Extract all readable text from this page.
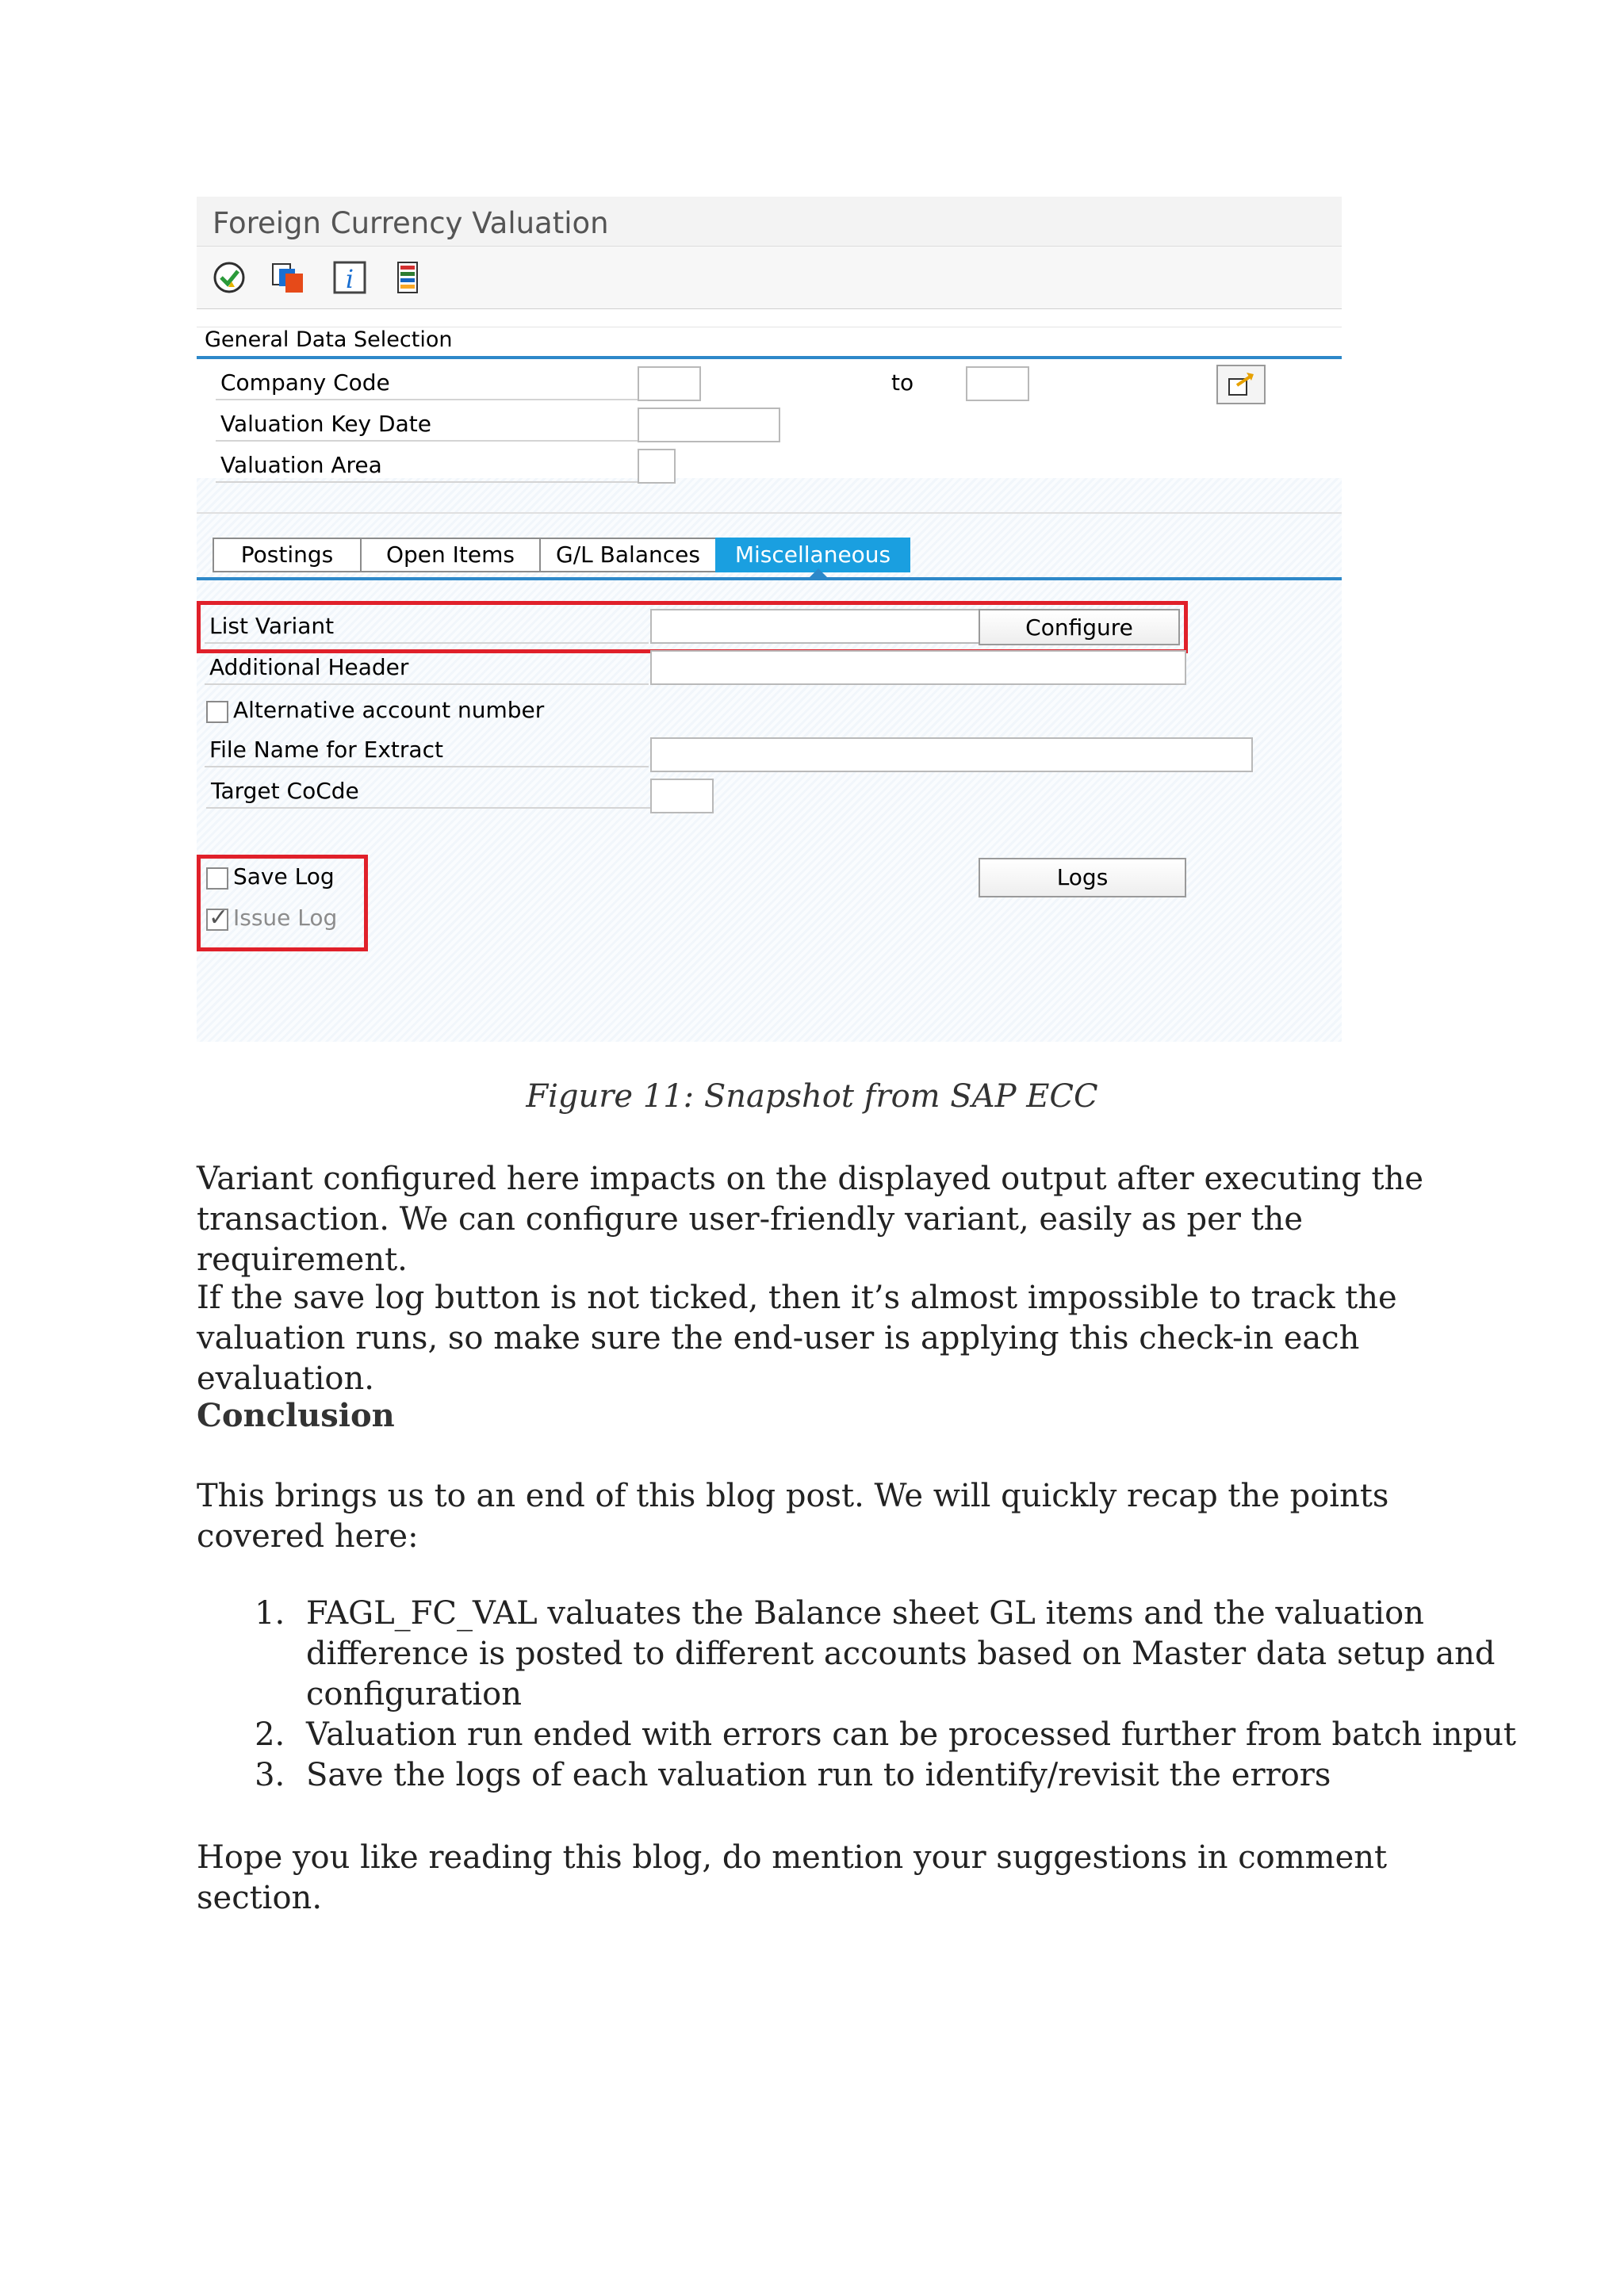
Foreign Currency Valuation
i
General Data Selection
Company Code	to
Valuation Key Date
Valuation Area
Postings	Open Items	G/L Balances	Miscellaneous
List Variant	Configure
Additional Header
Alternative account number
File Name for Extract
Target CoCde
Save Log
✓
Issue Log
Logs
Figure 11: Snapshot from SAP ECC

Variant configured here impacts on the displayed output after executing the transaction. We can configure user-friendly variant, easily as per the requirement.

If the save log button is not ticked, then it’s almost impossible to track the valuation runs, so make sure the end-user is applying this check-in each evaluation.

Conclusion

This brings us to an end of this blog post. We will quickly recap the points covered here:

1. FAGL_FC_VAL valuates the Balance sheet GL items and the valuation difference is posted to different accounts based on Master data setup and configuration
2. Valuation run ended with errors can be processed further from batch input
3. Save the logs of each valuation run to identify/revisit the errors

Hope you like reading this blog, do mention your suggestions in comment section.
